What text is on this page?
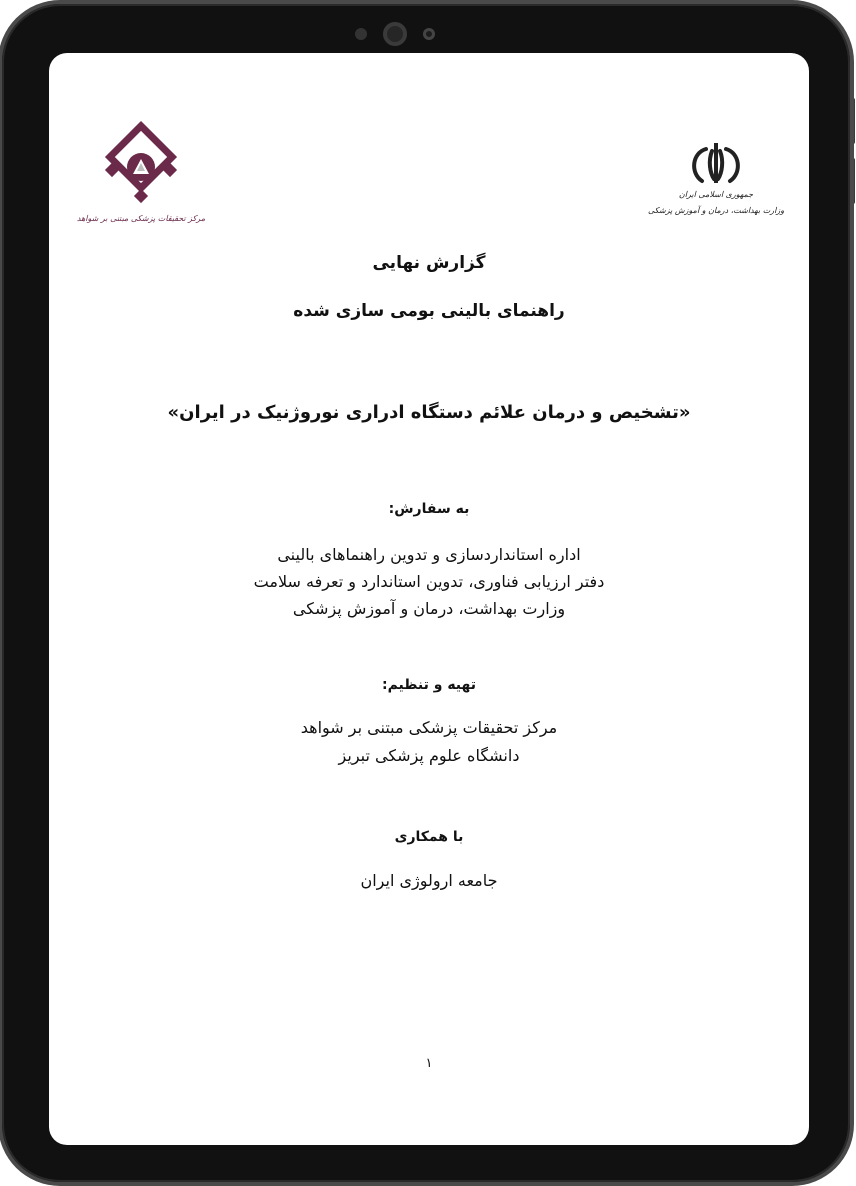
مرکز تحقیقات پزشکی مبتنی بر شواهد
جمهوری اسلامی ایران
وزارت بهداشت، درمان و آموزش پزشکی
گزارش نهایی
راهنمای بالینی بومی سازی شده
«تشخیص و درمان علائم دستگاه ادراری نوروژنیک در ایران»
به سفارش:
اداره استانداردسازی و تدوین راهنماهای بالینی
دفتر ارزیابی فناوری، تدوین استاندارد و تعرفه سلامت
وزارت بهداشت، درمان و آموزش پزشکی
تهیه و تنظیم:
مرکز تحقیقات پزشکی مبتنی بر شواهد
دانشگاه علوم پزشکی تبریز
با همکاری
جامعه ارولوژی ایران
۱
